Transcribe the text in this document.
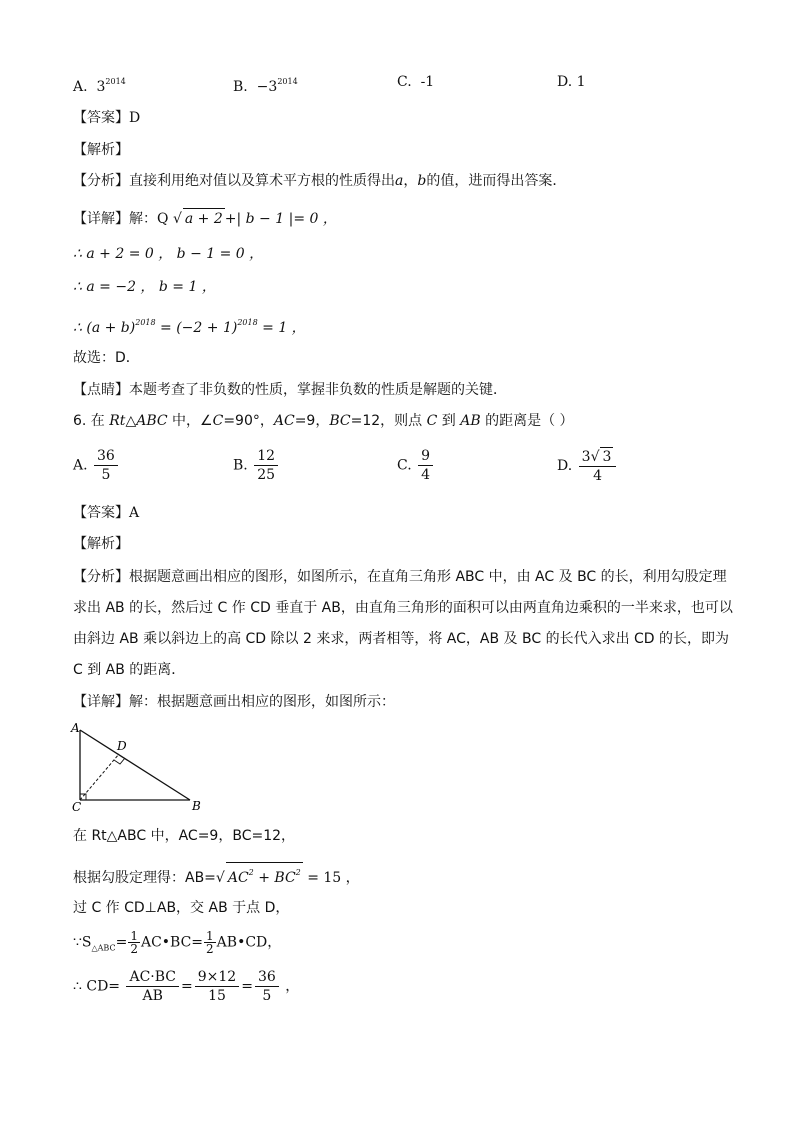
A. $3^{2014}$	B. $-3^{2014}$	C. -1	D. 1
【答案】D
【解析】
【分析】直接利用绝对值以及算术平方根的性质得出a，b的值，进而得出答案．
【详解】解：Q √ a + 2 +| b − 1 |= 0 ，
∴ a + 2 = 0 ， b − 1 = 0 ，
∴ a = −2 ， b = 1 ，
∴ $(a + b)^{2018} = (-2 + 1)^{2018} = 1$ ，
故选：D．
【点睛】本题考查了非负数的性质，掌握非负数的性质是解题的关键．
6. 在 Rt△ABC 中，∠C=90°，AC=9，BC=12，则点 C 到 AB 的距离是（ ）
A. $\frac{36}{5}$	B. $\frac{12}{25}$	C. $\frac{9}{4}$	D. $\frac{3√ 3}{4}$
【答案】A
【解析】
【分析】根据题意画出相应的图形，如图所示，在直角三角形 ABC 中，由 AC 及 BC 的长，利用勾股定理
求出 AB 的长，然后过 C 作 CD 垂直于 AB，由直角三角形的面积可以由两直角边乘积的一半来求，也可以
由斜边 AB 乘以斜边上的高 CD 除以 2 来求，两者相等，将 AC，AB 及 BC 的长代入求出 CD 的长，即为
C 到 AB 的距离．
【详解】解：根据题意画出相应的图形，如图所示：
A
B
C
D
在 Rt△ABC 中，AC=9，BC=12，
根据勾股定理得：AB=√ $AC^2 + BC^2 = 15$ ，
过 C 作 CD⊥AB，交 AB 于点 D，
$\because S_{\triangle ABC}= \frac{1}{2}$ AC•BC= $\frac{1}{2}$ AB•CD，
∴ $CD= \frac{AC\cdot BC}{AB} = \frac{9\times 12}{15} = \frac{36}{5}$ ，
